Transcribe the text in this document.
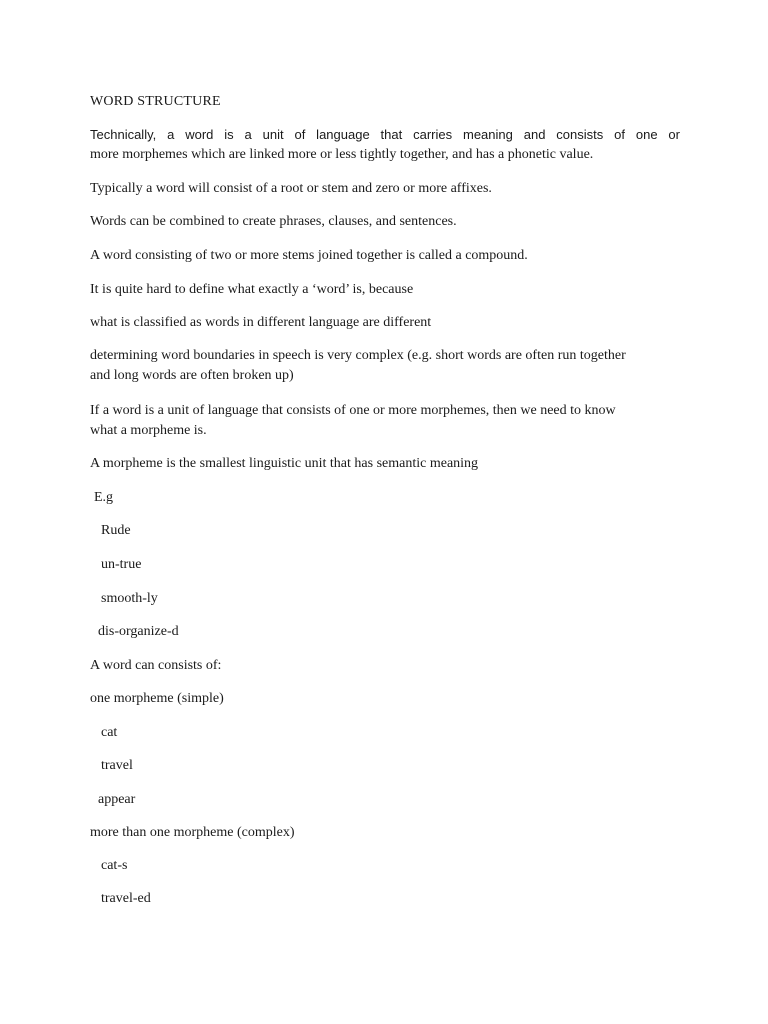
WORD STRUCTURE
Technically, a word is a unit of language that carries meaning and consists of one or
more morphemes which are linked more or less tightly together, and has a phonetic value.
Typically a word will consist of a root or stem and zero or more affixes.
Words can be combined to create phrases, clauses, and sentences.
A word consisting of two or more stems joined together is called a compound.
It is quite hard to define what exactly a ‘word’ is, because
what is classified as words in different language are different
determining word boundaries in speech is very complex (e.g. short words are often run together
and long words are often broken up)
If a word is a unit of language that consists of one or more morphemes, then we need to know
what a morpheme is.
A morpheme is the smallest linguistic unit that has semantic meaning
E.g
Rude
un-true
smooth-ly
dis-organize-d
A word can consists of:
one morpheme (simple)
cat
travel
appear
more than one morpheme (complex)
cat-s
travel-ed
